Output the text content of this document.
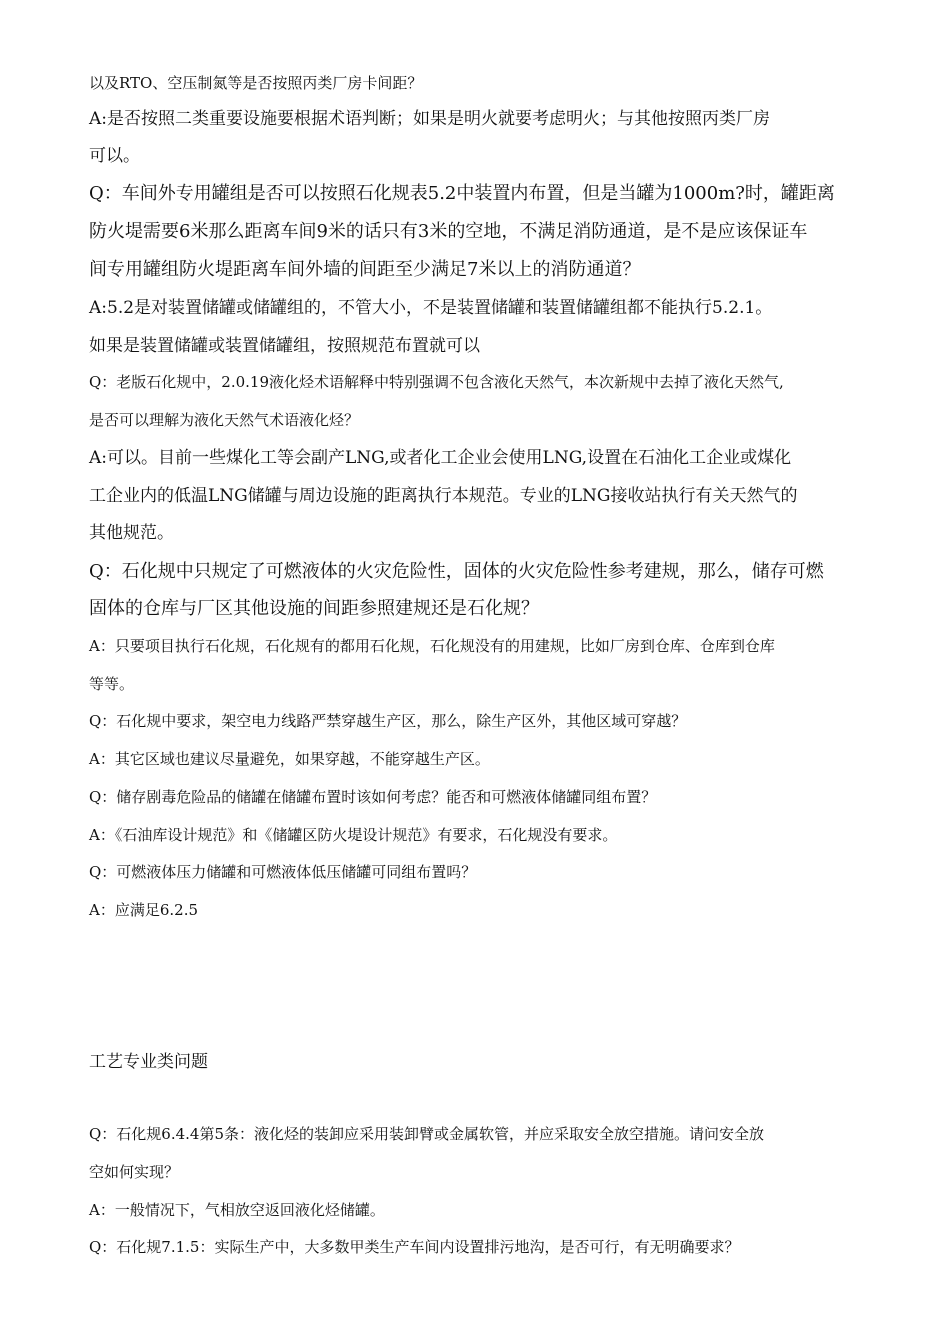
以及RTO、空压制氮等是否按照丙类厂房卡间距？
A:是否按照二类重要设施要根据术语判断；如果是明火就要考虑明火；与其他按照丙类厂房
可以。
Q：车间外专用罐组是否可以按照石化规表5.2中装置内布置，但是当罐为1000m?时，罐距离
防火堤需要6米那么距离车间9米的话只有3米的空地，不满足消防通道，是不是应该保证车
间专用罐组防火堤距离车间外墙的间距至少满足7米以上的消防通道？
A:5.2是对装置储罐或储罐组的，不管大小，不是装置储罐和装置储罐组都不能执行5.2.1。
如果是装置储罐或装置储罐组，按照规范布置就可以
Q：老版石化规中，2.0.19液化烃术语解释中特别强调不包含液化天然气，本次新规中去掉了液化天然气,
是否可以理解为液化天然气术语液化烃？
A:可以。目前一些煤化工等会副产LNG,或者化工企业会使用LNG,设置在石油化工企业或煤化
工企业内的低温LNG储罐与周边设施的距离执行本规范。专业的LNG接收站执行有关天然气的
其他规范。
Q：石化规中只规定了可燃液体的火灾危险性，固体的火灾危险性参考建规，那么，储存可燃
固体的仓库与厂区其他设施的间距参照建规还是石化规？
A：只要项目执行石化规，石化规有的都用石化规，石化规没有的用建规，比如厂房到仓库、仓库到仓库
等等。
Q：石化规中要求，架空电力线路严禁穿越生产区，那么，除生产区外，其他区域可穿越？
A：其它区域也建议尽量避免，如果穿越，不能穿越生产区。
Q：储存剧毒危险品的储罐在储罐布置时该如何考虑？能否和可燃液体储罐同组布置？
A：《石油库设计规范》和《储罐区防火堤设计规范》有要求，石化规没有要求。
Q：可燃液体压力储罐和可燃液体低压储罐可同组布置吗？
A：应满足6.2.5
工艺专业类问题
Q：石化规6.4.4第5条：液化烃的装卸应采用装卸臂或金属软管，并应采取安全放空措施。请问安全放
空如何实现？
A：一般情况下，气相放空返回液化烃储罐。
Q：石化规7.1.5：实际生产中，大多数甲类生产车间内设置排污地沟，是否可行，有无明确要求？
